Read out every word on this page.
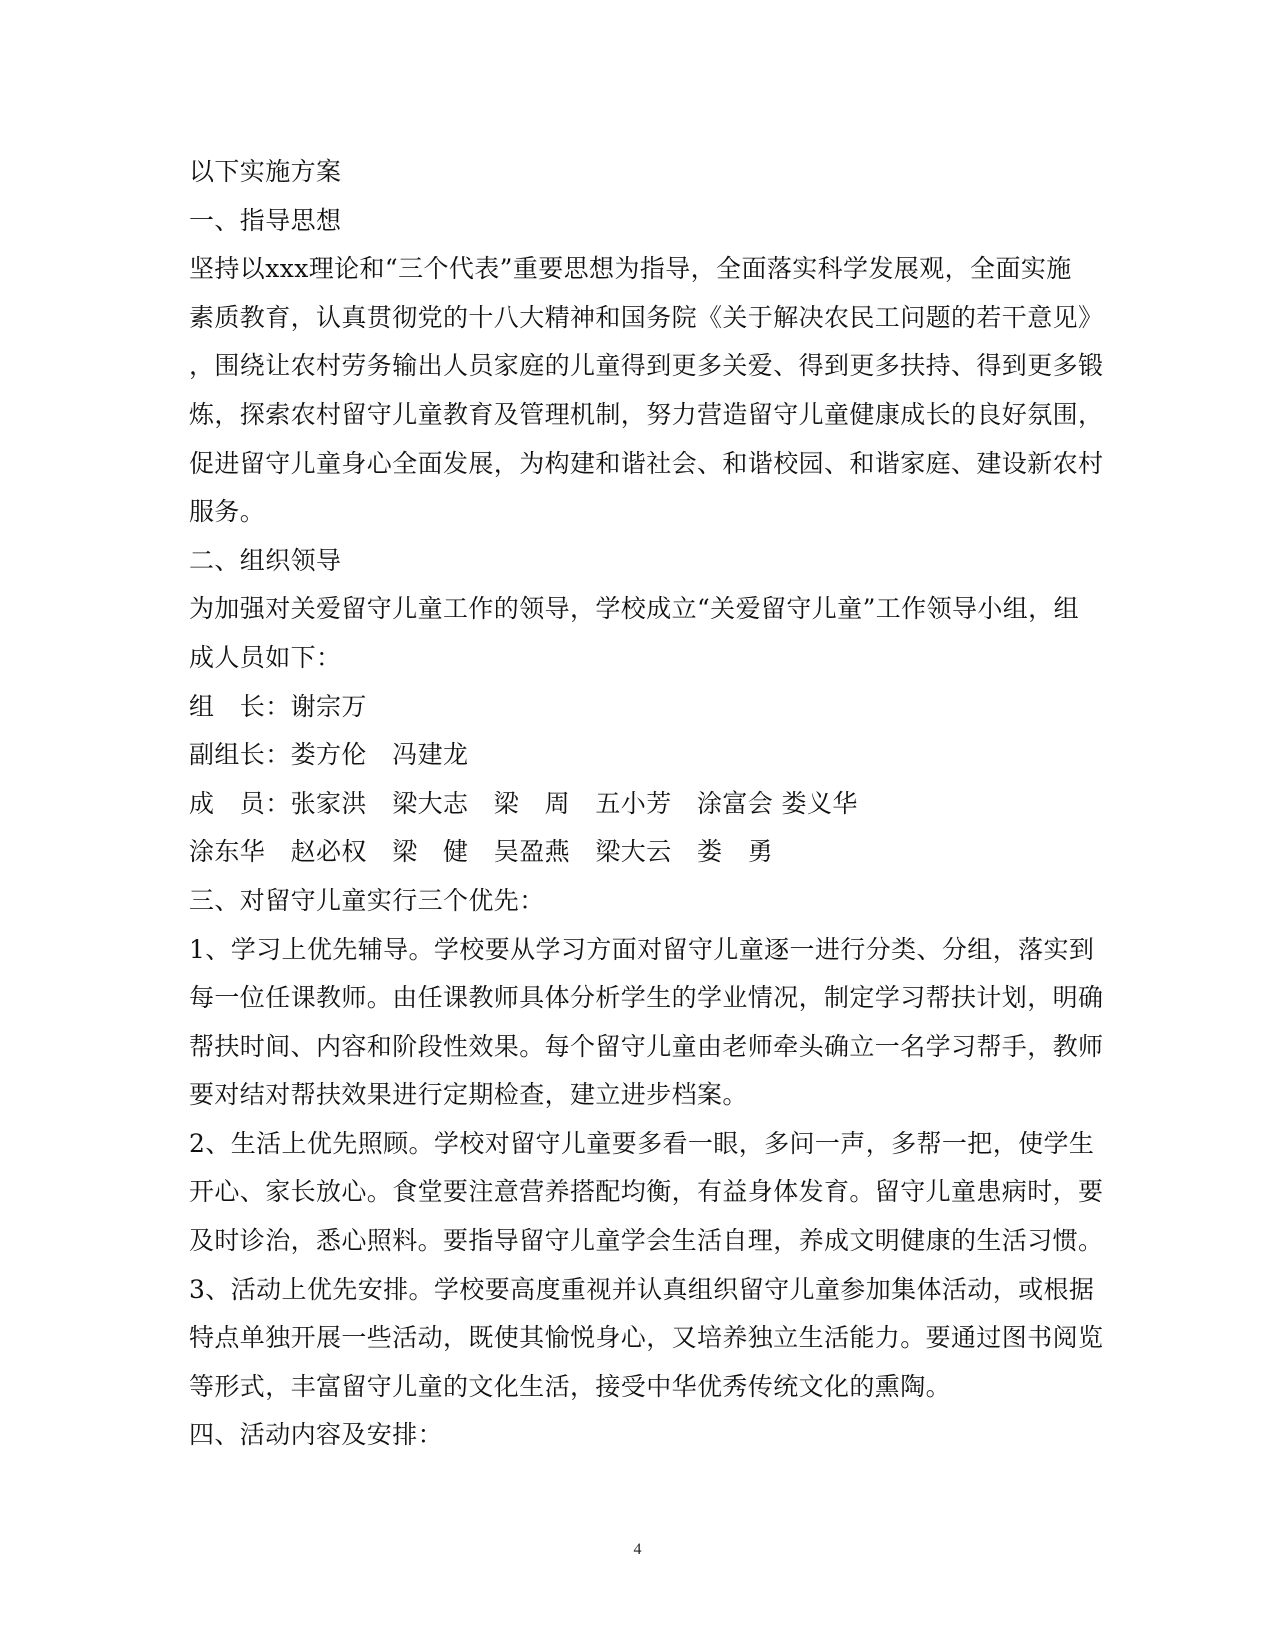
以下实施方案
一、指导思想
坚持以xxx理论和“三个代表”重要思想为指导，全面落实科学发展观，全面实施
素质教育，认真贯彻党的十八大精神和国务院《关于解决农民工问题的若干意见》
，围绕让农村劳务输出人员家庭的儿童得到更多关爱、得到更多扶持、得到更多锻
炼，探索农村留守儿童教育及管理机制，努力营造留守儿童健康成长的良好氛围，
促进留守儿童身心全面发展，为构建和谐社会、和谐校园、和谐家庭、建设新农村
服务。
二、组织领导
为加强对关爱留守儿童工作的领导，学校成立“关爱留守儿童”工作领导小组，组
成人员如下：
组　长：谢宗万
副组长：娄方伦　冯建龙
成　员：张家洪　梁大志　梁　周　五小芳　涂富会 娄义华
涂东华　赵必权　梁　健　吴盈燕　梁大云　娄　勇
三、对留守儿童实行三个优先：
1、学习上优先辅导。学校要从学习方面对留守儿童逐一进行分类、分组，落实到
每一位任课教师。由任课教师具体分析学生的学业情况，制定学习帮扶计划，明确
帮扶时间、内容和阶段性效果。每个留守儿童由老师牵头确立一名学习帮手，教师
要对结对帮扶效果进行定期检查，建立进步档案。
2、生活上优先照顾。学校对留守儿童要多看一眼，多问一声，多帮一把，使学生
开心、家长放心。食堂要注意营养搭配均衡，有益身体发育。留守儿童患病时，要
及时诊治，悉心照料。要指导留守儿童学会生活自理，养成文明健康的生活习惯。
3、活动上优先安排。学校要高度重视并认真组织留守儿童参加集体活动，或根据
特点单独开展一些活动，既使其愉悦身心，又培养独立生活能力。要通过图书阅览
等形式，丰富留守儿童的文化生活，接受中华优秀传统文化的熏陶。
四、活动内容及安排：
4
